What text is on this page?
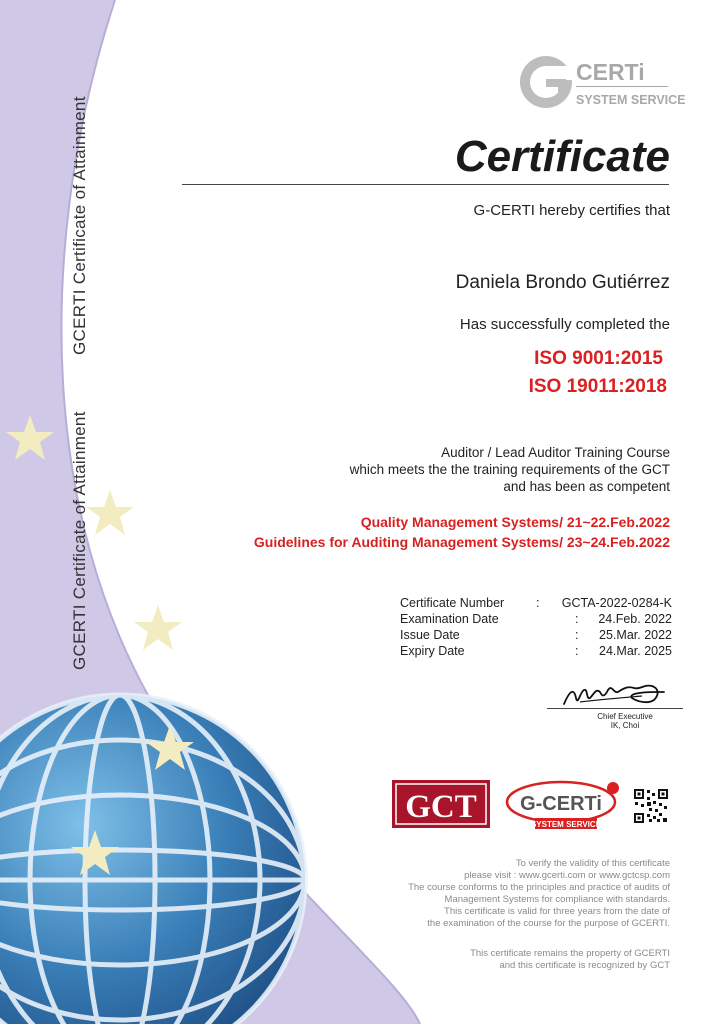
GCERTI Certificate of Attainment
GCERTI Certificate of Attainment
CERTi
SYSTEM SERVICE
Certificate
G-CERTI hereby certifies that
Daniela Brondo Gutiérrez
Has successfully completed the
ISO 9001:2015
ISO 19011:2018
Auditor / Lead Auditor Training Course
which meets the the training requirements of the GCT
and has been as competent
Quality Management Systems/ 21~22.Feb.2022
Guidelines for Auditing Management Systems/ 23~24.Feb.2022
Certificate Number	: GCTA-2022-0284-K
Examination Date	: 24.Feb. 2022
Issue Date	: 25.Mar. 2022
Expiry Date	: 24.Mar. 2025
Chief Executive
IK, Choi
GCT G-CERTi
SYSTEM SERVICE
To verify the validity of this certificate
please visit : www.gcerti.com or www.gctcsp.com
The course conforms to the principles and practice of audits of
Management Systems for compliance with standards.
This certificate is valid for three years from the date of
the examination of the course for the purpose of GCERTI.
This certificate remains the property of GCERTI
and this certificate is recognized by GCT
